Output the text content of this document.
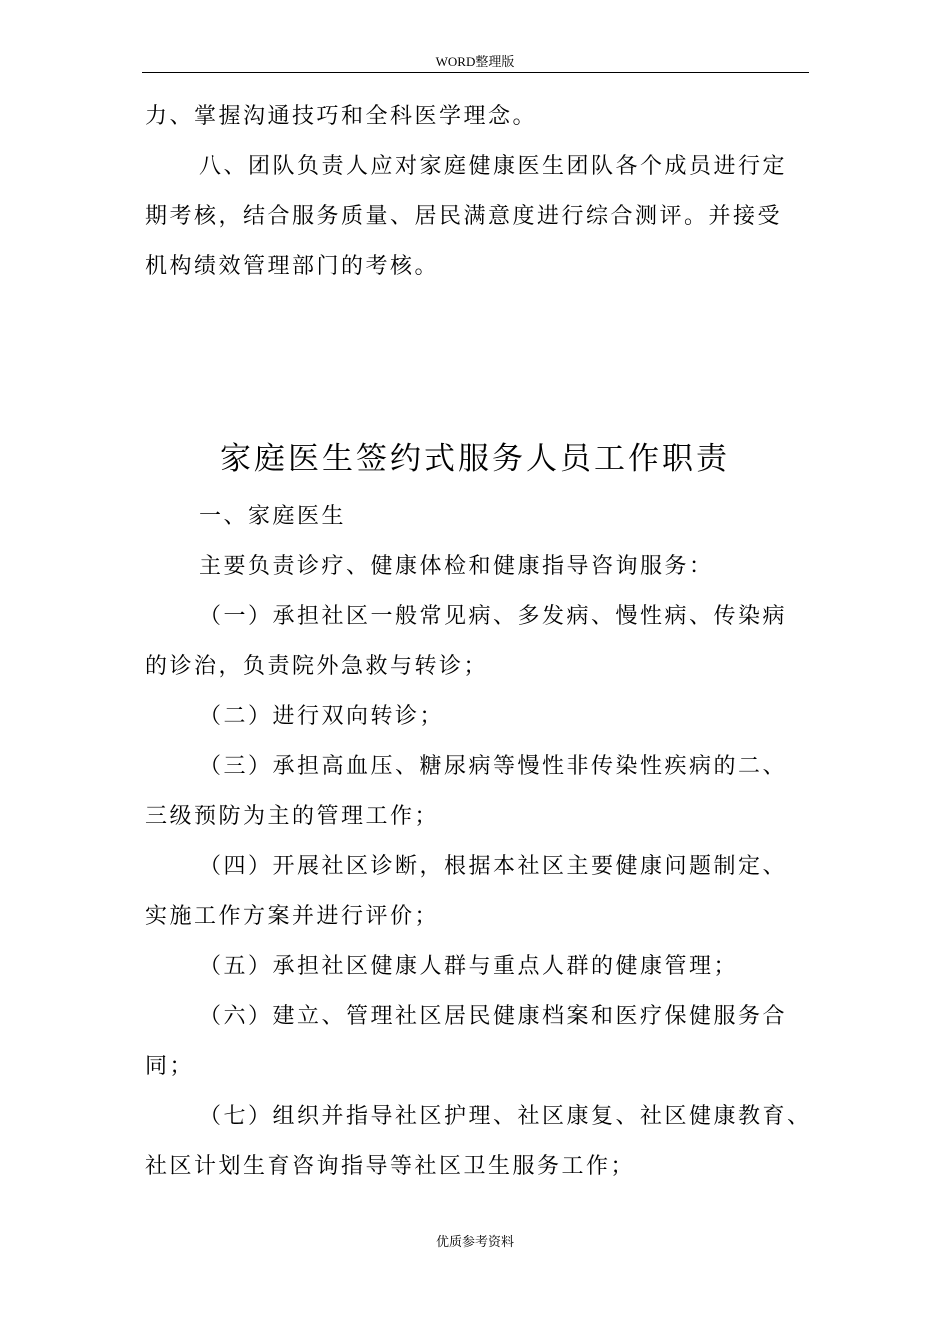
WORD整理版
力、掌握沟通技巧和全科医学理念。
八、团队负责人应对家庭健康医生团队各个成员进行定
期考核，结合服务质量、居民满意度进行综合测评。并接受
机构绩效管理部门的考核。
家庭医生签约式服务人员工作职责
一、家庭医生
主要负责诊疗、健康体检和健康指导咨询服务：
（一）承担社区一般常见病、多发病、慢性病、传染病
的诊治，负责院外急救与转诊；
（二）进行双向转诊；
（三）承担高血压、糖尿病等慢性非传染性疾病的二、
三级预防为主的管理工作；
（四）开展社区诊断，根据本社区主要健康问题制定、
实施工作方案并进行评价；
（五）承担社区健康人群与重点人群的健康管理；
（六）建立、管理社区居民健康档案和医疗保健服务合
同；
（七）组织并指导社区护理、社区康复、社区健康教育、
社区计划生育咨询指导等社区卫生服务工作；
优质参考资料
